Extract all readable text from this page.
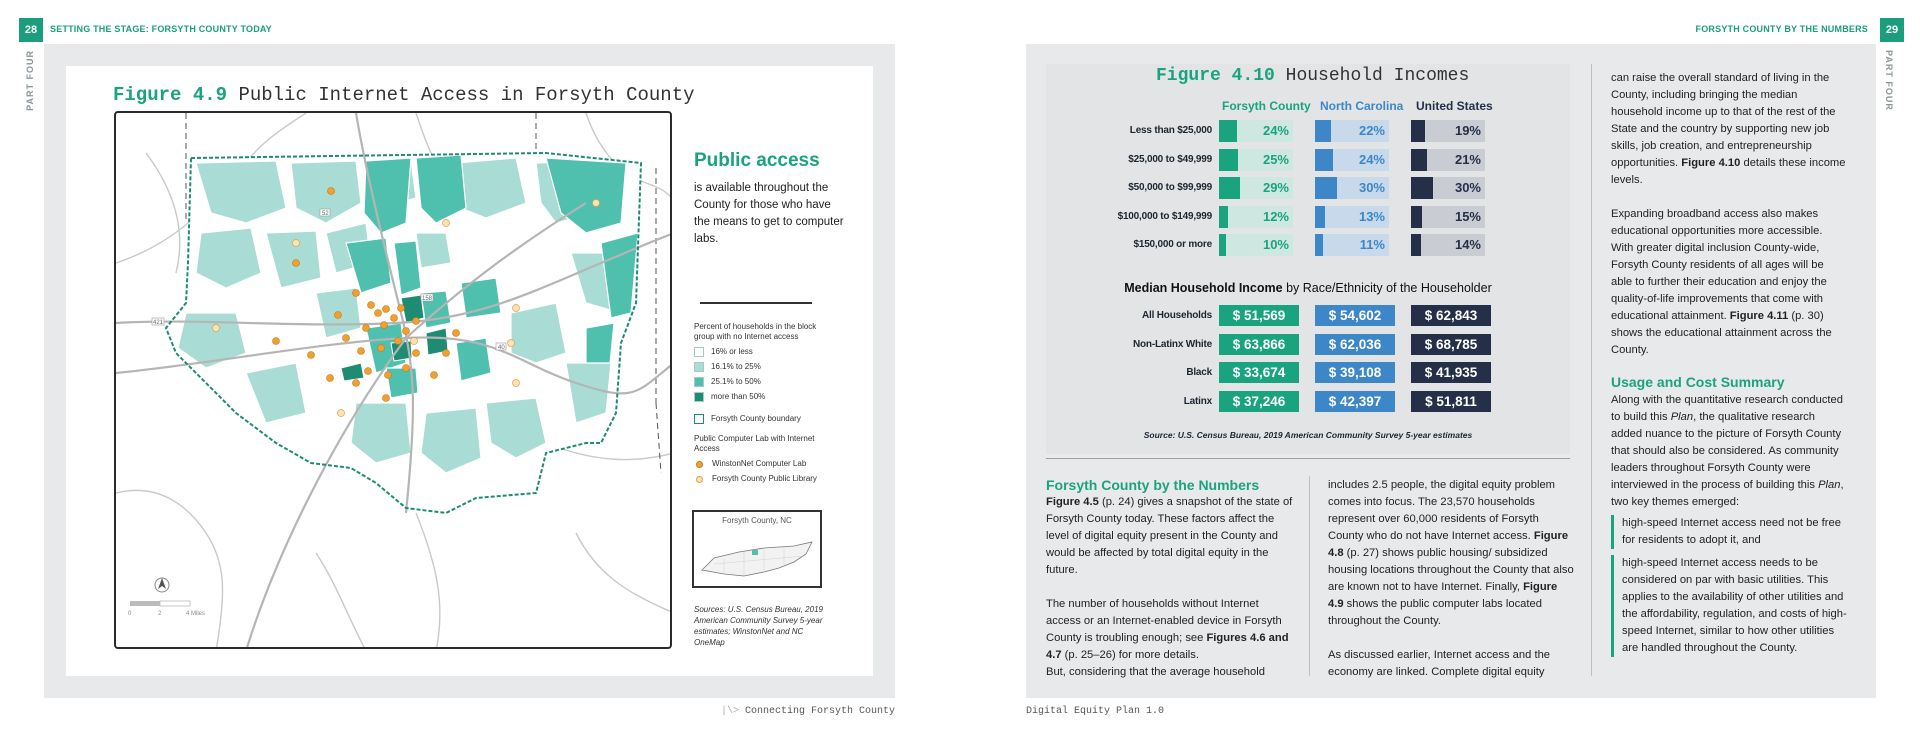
28	SETTING THE STAGE: FORSYTH COUNTY TODAY	FORSYTH COUNTY BY THE NUMBERS	29
PART FOUR	PART FOUR
Figure 4.9 Public Internet Access in Forsyth County
52
158
421
40
0	2	4 Miles
Public access
is available throughout the County for those who have the means to get to computer labs.
Percent of households in the block group with no Internet access
16% or less
16.1% to 25%
25.1% to 50%
more than 50%
Forsyth County boundary
Public Computer Lab with Internet Access
WinstonNet Computer Lab
Forsyth County Public Library
Forsyth County, NC
Sources: U.S. Census Bureau, 2019 American Community Survey 5-year estimates; WinstonNet and NC OneMap
|\> Connecting Forsyth County	Digital Equity Plan 1.0
Figure 4.10 Household Incomes
Forsyth County North Carolina United States
Less than $25,000	24%	22%	19%
$25,000 to $49,999	25%	24%	21%
$50,000 to $99,999	29%	30%	30%
$100,000 to $149,999	12%	13%	15%
$150,000 or more	10%	11%	14%
Median Household Income by Race/Ethnicity of the Householder
All Households	$ 51,569	$ 54,602	$ 62,843
Non-Latinx White	$ 63,866	$ 62,036	$ 68,785
Black	$ 33,674	$ 39,108	$ 41,935
Latinx	$ 37,246	$ 42,397	$ 51,811
Source: U.S. Census Bureau, 2019 American Community Survey 5-year estimates
Forsyth County by the Numbers

Figure 4.5 (p. 24) gives a snapshot of the state of Forsyth County today. These factors affect the level of digital equity present in the County and would be affected by total digital equity in the future.

The number of households without Internet access or an Internet-enabled device in Forsyth County is troubling enough; see Figures 4.6 and 4.7 (p. 25–26) for more details.

But, considering that the average household

includes 2.5 people, the digital equity problem comes into focus. The 23,570 households represent over 60,000 residents of Forsyth County who do not have Internet access. Figure 4.8 (p. 27) shows public housing/ subsidized housing locations throughout the County that also are known not to have Internet. Finally, Figure 4.9 shows the public computer labs located throughout the County.

As discussed earlier, Internet access and the economy are linked. Complete digital equity

can raise the overall standard of living in the County, including bringing the median household income up to that of the rest of the State and the country by supporting new job skills, job creation, and entrepreneurship opportunities. Figure 4.10 details these income levels.

Expanding broadband access also makes educational opportunities more accessible. With greater digital inclusion County-wide, Forsyth County residents of all ages will be able to further their education and enjoy the quality-of-life improvements that come with educational attainment. Figure 4.11 (p. 30) shows the educational attainment across the County.

Usage and Cost Summary

Along with the quantitative research conducted to build this Plan, the qualitative research added nuance to the picture of Forsyth County that should also be considered. As community leaders throughout Forsyth County were interviewed in the process of building this Plan, two key themes emerged:

high-speed Internet access need not be free for residents to adopt it, and

high-speed Internet access needs to be considered on par with basic utilities. This applies to the availability of other utilities and the affordability, regulation, and costs of high-speed Internet, similar to how other utilities are handled throughout the County.
